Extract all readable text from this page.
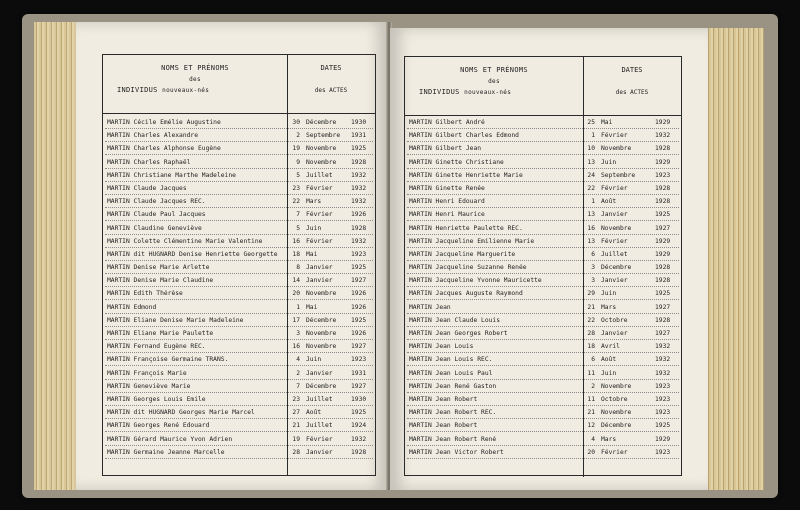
NOMS ET PRÉNOMS
des

INDIVIDUS nouveaux-nés
DATES

des ACTES
MARTIN Cécile Emélie Augustine	30 Décembre 1930
MARTIN Charles Alexandre	2 Septembre 1931
MARTIN Charles Alphonse Eugène	19 Novembre 1925
MARTIN Charles Raphaël	9 Novembre 1928
MARTIN Christiane Marthe Madeleine	5 Juillet	1932
MARTIN Claude Jacques	23 Février	1932
MARTIN Claude Jacques REC.	22 Mars	1932
MARTIN Claude Paul Jacques	7 Février	1926
MARTIN Claudine Geneviève	5 Juin	1928
MARTIN Colette Clémentine Marie Valentine	16 Février	1932
MARTIN dit HUGNARD Denise Henriette Georgette	18 Mai	1923
MARTIN Denise Marie Arlette	8 Janvier	1925
MARTIN Denise Marie Claudine	14 Janvier	1927
MARTIN Edith Thérèse	20 Novembre 1926
MARTIN Edmond	1 Mai	1926
MARTIN Eliane Denise Marie Madeleine	17 Décembre 1925
MARTIN Eliane Marie Paulette	3 Novembre 1926
MARTIN Fernand Eugène REC.	16 Novembre 1927
MARTIN Françoise Germaine TRANS.	4 Juin	1923
MARTIN François Marie	2 Janvier	1931
MARTIN Geneviève Marie	7 Décembre 1927
MARTIN Georges Louis Emile	23 Juillet	1930
MARTIN dit HUGNARD Georges Marie Marcel	27 Août	1925
MARTIN Georges René Edouard	21 Juillet	1924
MARTIN Gérard Maurice Yvon Adrien	19 Février	1932
MARTIN Germaine Jeanne Marcelle	28 Janvier	1928
NOMS ET PRÉNOMS
des

INDIVIDUS nouveaux-nés
DATES

des ACTES
MARTIN Gilbert André	25 Mai	1929
MARTIN Gilbert Charles Edmond	1 Février	1932
MARTIN Gilbert Jean	10 Novembre	1928
MARTIN Ginette Christiane	13 Juin	1929
MARTIN Ginette Henriette Marie	24 Septembre	1923
MARTIN Ginette Renée	22 Février	1928
MARTIN Henri Edouard	1 Août	1928
MARTIN Henri Maurice	13 Janvier	1925
MARTIN Henriette Paulette REC.	16 Novembre	1927
MARTIN Jacqueline Emilienne Marie	13 Février	1929
MARTIN Jacqueline Marguerite	6 Juillet	1929
MARTIN Jacqueline Suzanne Renée	3 Décembre	1928
MARTIN Jacqueline Yvonne Mauricette	3 Janvier	1928
MARTIN Jacques Auguste Raymond	29 Juin	1925
MARTIN Jean	21 Mars	1927
MARTIN Jean Claude Louis	22 Octobre	1928
MARTIN Jean Georges Robert	28 Janvier	1927
MARTIN Jean Louis	18 Avril	1932
MARTIN Jean Louis REC.	6 Août	1932
MARTIN Jean Louis Paul	11 Juin	1932
MARTIN Jean René Gaston	2 Novembre	1923
MARTIN Jean Robert	11 Octobre	1923
MARTIN Jean Robert REC.	21 Novembre	1923
MARTIN Jean Robert	12 Décembre	1925
MARTIN Jean Robert René	4 Mars	1929
MARTIN Jean Victor Robert	20 Février	1923
